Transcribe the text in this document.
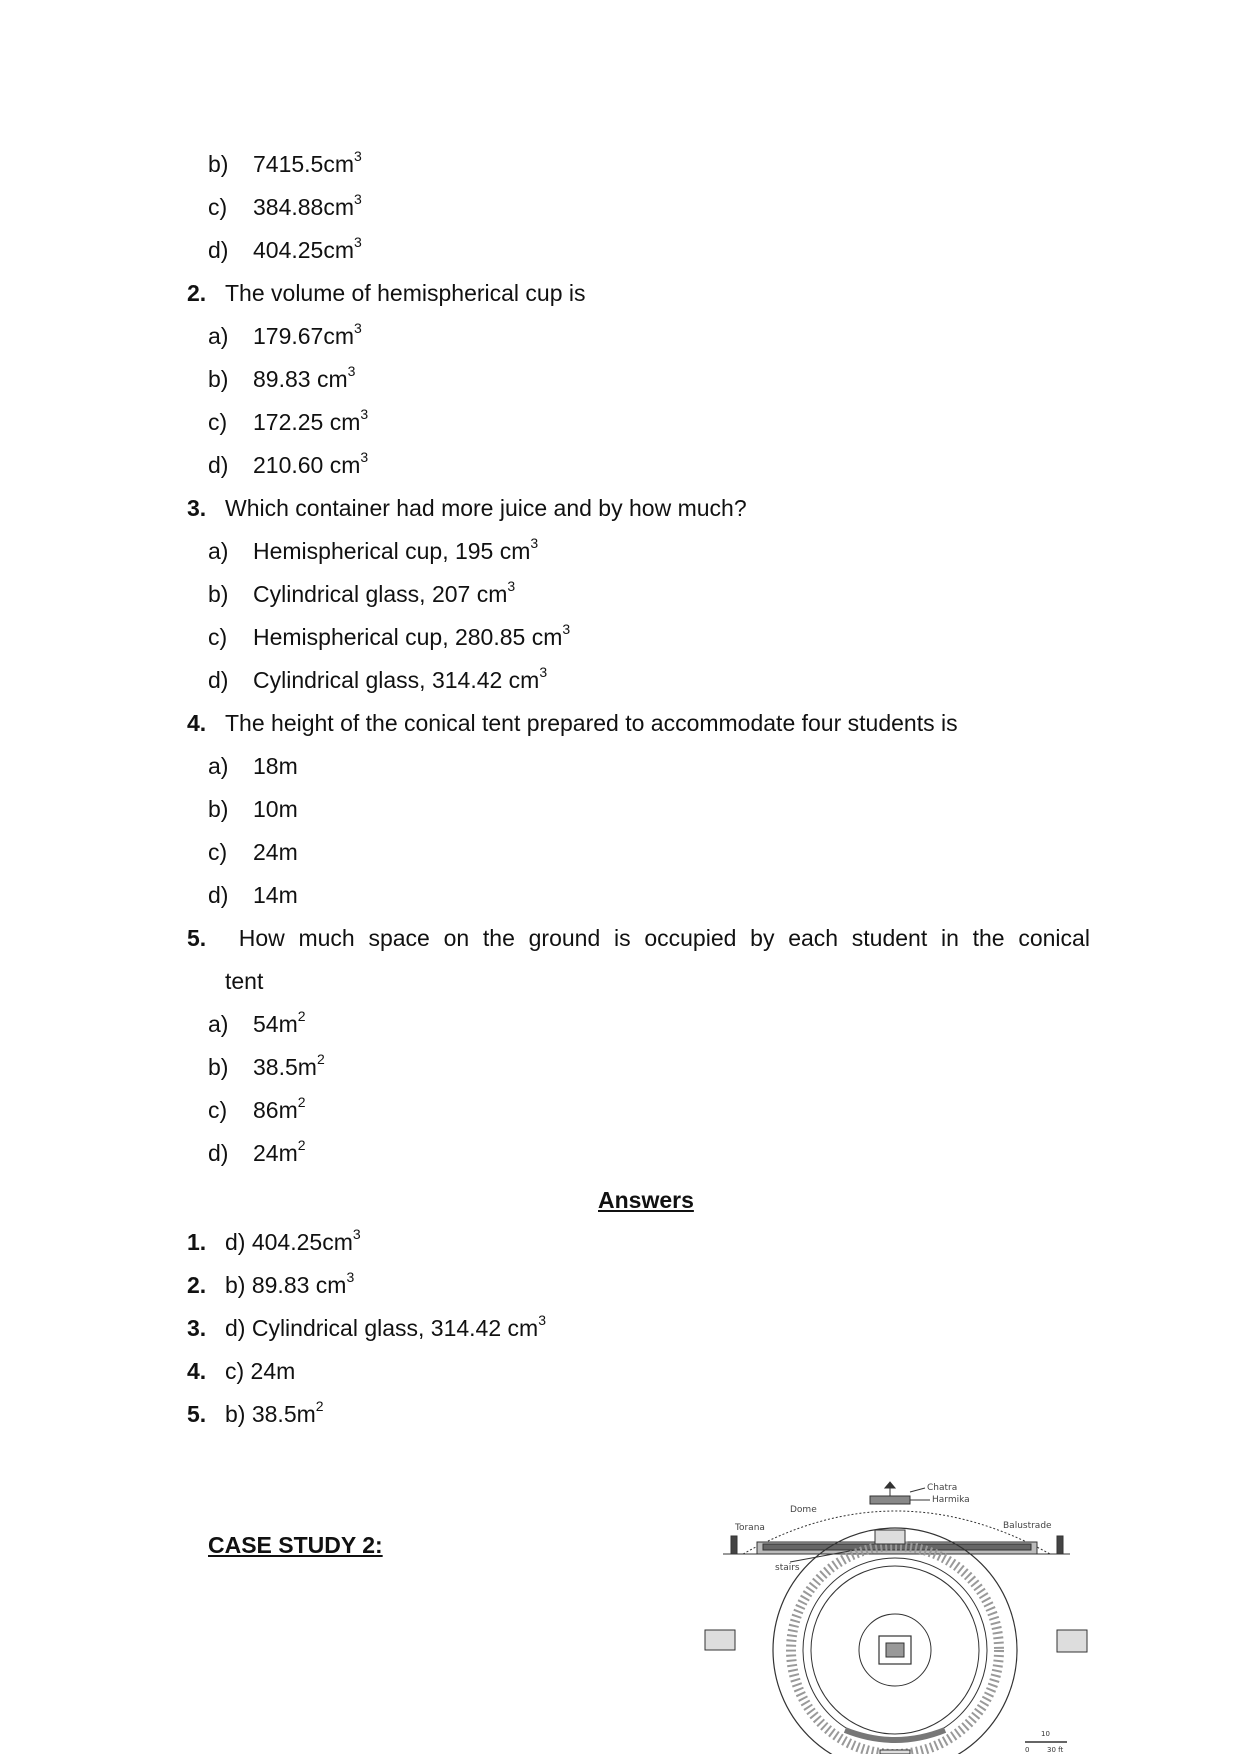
b) $7415.5cm^3$
c) $384.88cm^3$
d) $404.25cm^3$
2. The volume of hemispherical cup is
a) $179.67cm^3$
b) 89.83 $cm^3$
c) 172.25 $cm^3$
d) 210.60 $cm^3$
3. Which container had more juice and by how much?
a) Hemispherical cup, 195 $cm^3$
b) Cylindrical glass, 207 $cm^3$
c) Hemispherical cup, 280.85 $cm^3$
d) Cylindrical glass, 314.42 $cm^3$
4. The height of the conical tent prepared to accommodate four students is
a) 18m
b) 10m
c) 24m
d) 14m
5.	How much space on the ground is occupied by each student in the conical
tent
a) $54m^2$
b) $38.5m^2$
c) $86m^2$
d) $24m^2$
Answers
1. d) $404.25cm^3$
2. b) 89.83 $cm^3$
3. d) Cylindrical glass, 314.42 $cm^3$
4. c) 24m
5. b) $38.5m^2$
CASE STUDY 2:
Chatra
Harmika
Dome
Torana	Balustrade
stairs
0
10
30 ft
